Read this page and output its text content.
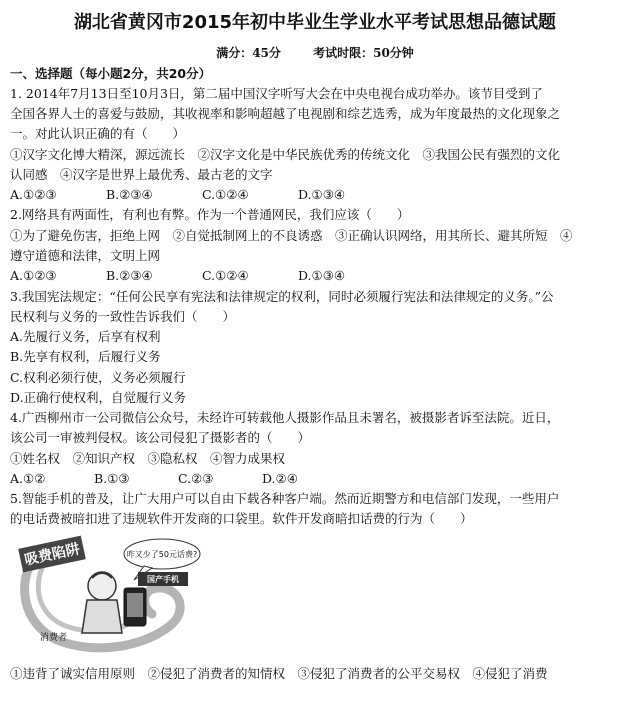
湖北省黄冈市2015年初中毕业生学业水平考试思想品德试题
满分：45分	考试时限：50分钟
一、选择题（每小题2分，共20分）
1. 2014年7月13日至10月3日，第二届中国汉字听写大会在中央电视台成功举办。该节目受到了
全国各界人士的喜爱与鼓励，其收视率和影响超越了电视剧和综艺选秀，成为年度最热的文化现象之
一。对此认识正确的有（　　）
①汉字文化博大精深，源远流长　②汉字文化是中华民族优秀的传统文化　③我国公民有强烈的文化
认同感　④汉字是世界上最优秀、最古老的文字
A.①②③	B.②③④	C.①②④	D.①③④
2.网络具有两面性，有利也有弊。作为一个普通网民，我们应该（　　）
①为了避免伤害，拒绝上网　②自觉抵制网上的不良诱惑　③正确认识网络，用其所长、避其所短　④
遵守道德和法律，文明上网
A.①②③	B.②③④	C.①②④	D.①③④
3.我国宪法规定：“任何公民享有宪法和法律规定的权利，同时必须履行宪法和法律规定的义务。”公
民权利与义务的一致性告诉我们（　　）
A.先履行义务，后享有权利
B.先享有权利，后履行义务
C.权利必须行使，义务必须履行
D.正确行使权利，自觉履行义务
4.广西柳州市一公司微信公众号，未经许可转载他人摄影作品且未署名，被摄影者诉至法院。近日，
该公司一审被判侵权。该公司侵犯了摄影者的（　　）
①姓名权　②知识产权　③隐私权　④智力成果权
A.①②	B.①③	C.②③	D.②④
5.智能手机的普及，让广大用户可以自由下载各种客户端。然而近期警方和电信部门发现，一些用户
的电话费被暗扣进了违规软件开发商的口袋里。软件开发商暗扣话费的行为（　　）
吸费陷阱	咋又少了50元话费?
国产手机
消费者
①违背了诚实信用原则　②侵犯了消费者的知情权　③侵犯了消费者的公平交易权　④侵犯了消费
